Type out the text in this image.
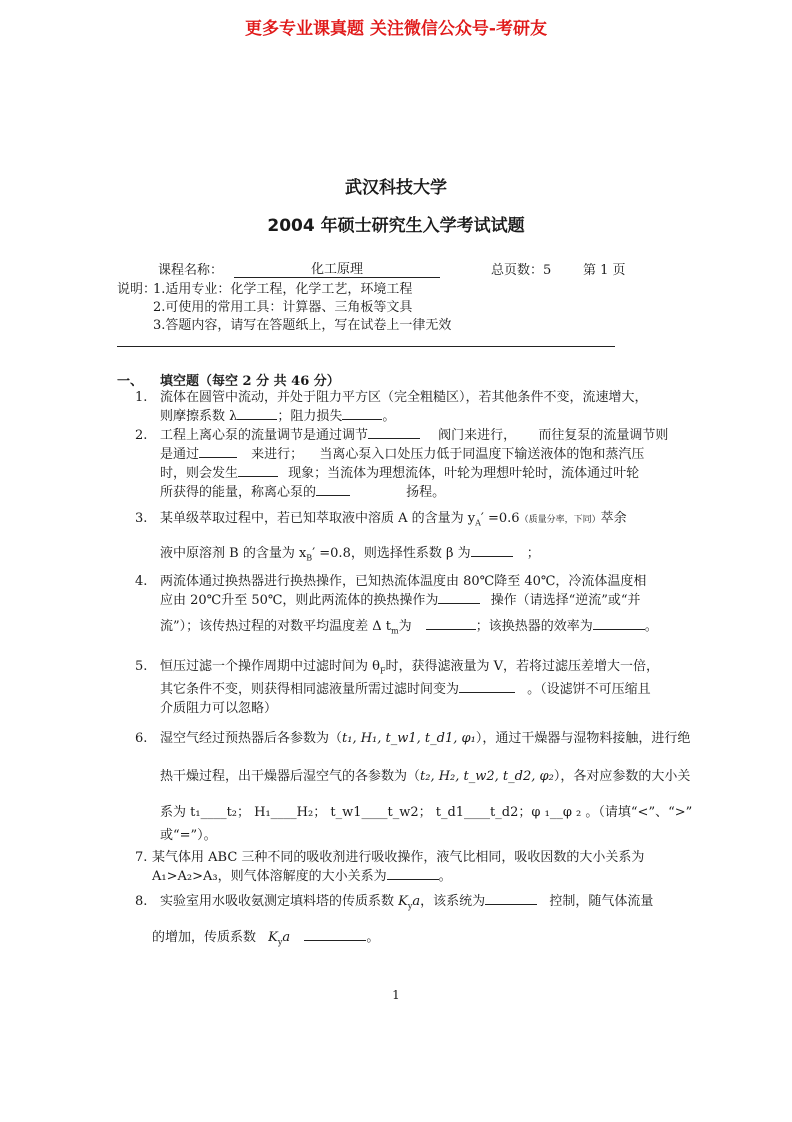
更多专业课真题 关注微信公众号-考研友
武汉科技大学
2004 年硕士研究生入学考试试题
课程名称：	化工原理	总页数：5 第 1 页
说明：
1.适用专业：化学工程，化学工艺，环境工程
2.可使用的常用工具：计算器、三角板等文具
3.答题内容，请写在答题纸上，写在试卷上一律无效
一、 填空题（每空 2 分 共 46 分）
1. 流体在圆管中流动，并处于阻力平方区（完全粗糙区），若其他条件不变，流速增大，
则摩擦系数 λ	；阻力损失	。
2. 工程上离心泵的流量调节是通过调节	阀门来进行， 而往复泵的流量调节则
是通过	来进行； 当离心泵入口处压力低于同温度下输送液体的饱和蒸汽压
时，则会发生	现象；当流体为理想流体，叶轮为理想叶轮时，流体通过叶轮
所获得的能量，称离心泵的	扬程。
3. 某单级萃取过程中，若已知萃取液中溶质 A 的含量为 $y_A' =0.6$（质量分率，下同）萃余
液中原溶剂 B 的含量为 $x_B' =0.8$，则选择性系数 β 为	；
4. 两流体通过换热器进行换热操作，已知热流体温度由 80℃降至 40℃，冷流体温度相
应由 20℃升至 50℃，则此两流体的换热操作为	操作（请选择“逆流”或“并
流”）；该传热过程的对数平均温度差 Δ $t_m$为	；该换热器的效率为	。
5. 恒压过滤一个操作周期中过滤时间为 $\theta_F$时，获得滤液量为 V，若将过滤压差增大一倍，
其它条件不变，则获得相同滤液量所需过滤时间变为	。（设滤饼不可压缩且
介质阻力可以忽略）
6. 湿空气经过预热器后各参数为（t₁, H₁, t_w1, t_d1, φ₁），通过干燥器与湿物料接触，进行绝
热干燥过程，出干燥器后湿空气的各参数为（t₂, H₂, t_w2, t_d2, φ₂），各对应参数的大小关
系为 t₁____t₂； H₁____H₂； t_w1____t_w2； t_d1____t_d2；φ ₁__φ ₂ 。（请填“<”、“>”
或“=”）。
7. 某气体用 ABC 三种不同的吸收剂进行吸收操作，液气比相同，吸收因数的大小关系为
A₁>A₂>A₃，则气体溶解度的大小关系为	。
8. 实验室用水吸收氨测定填料塔的传质系数 $K_ya$，该系统为	控制，随气体流量
的增加，传质系数 $K_ya$	。
1
